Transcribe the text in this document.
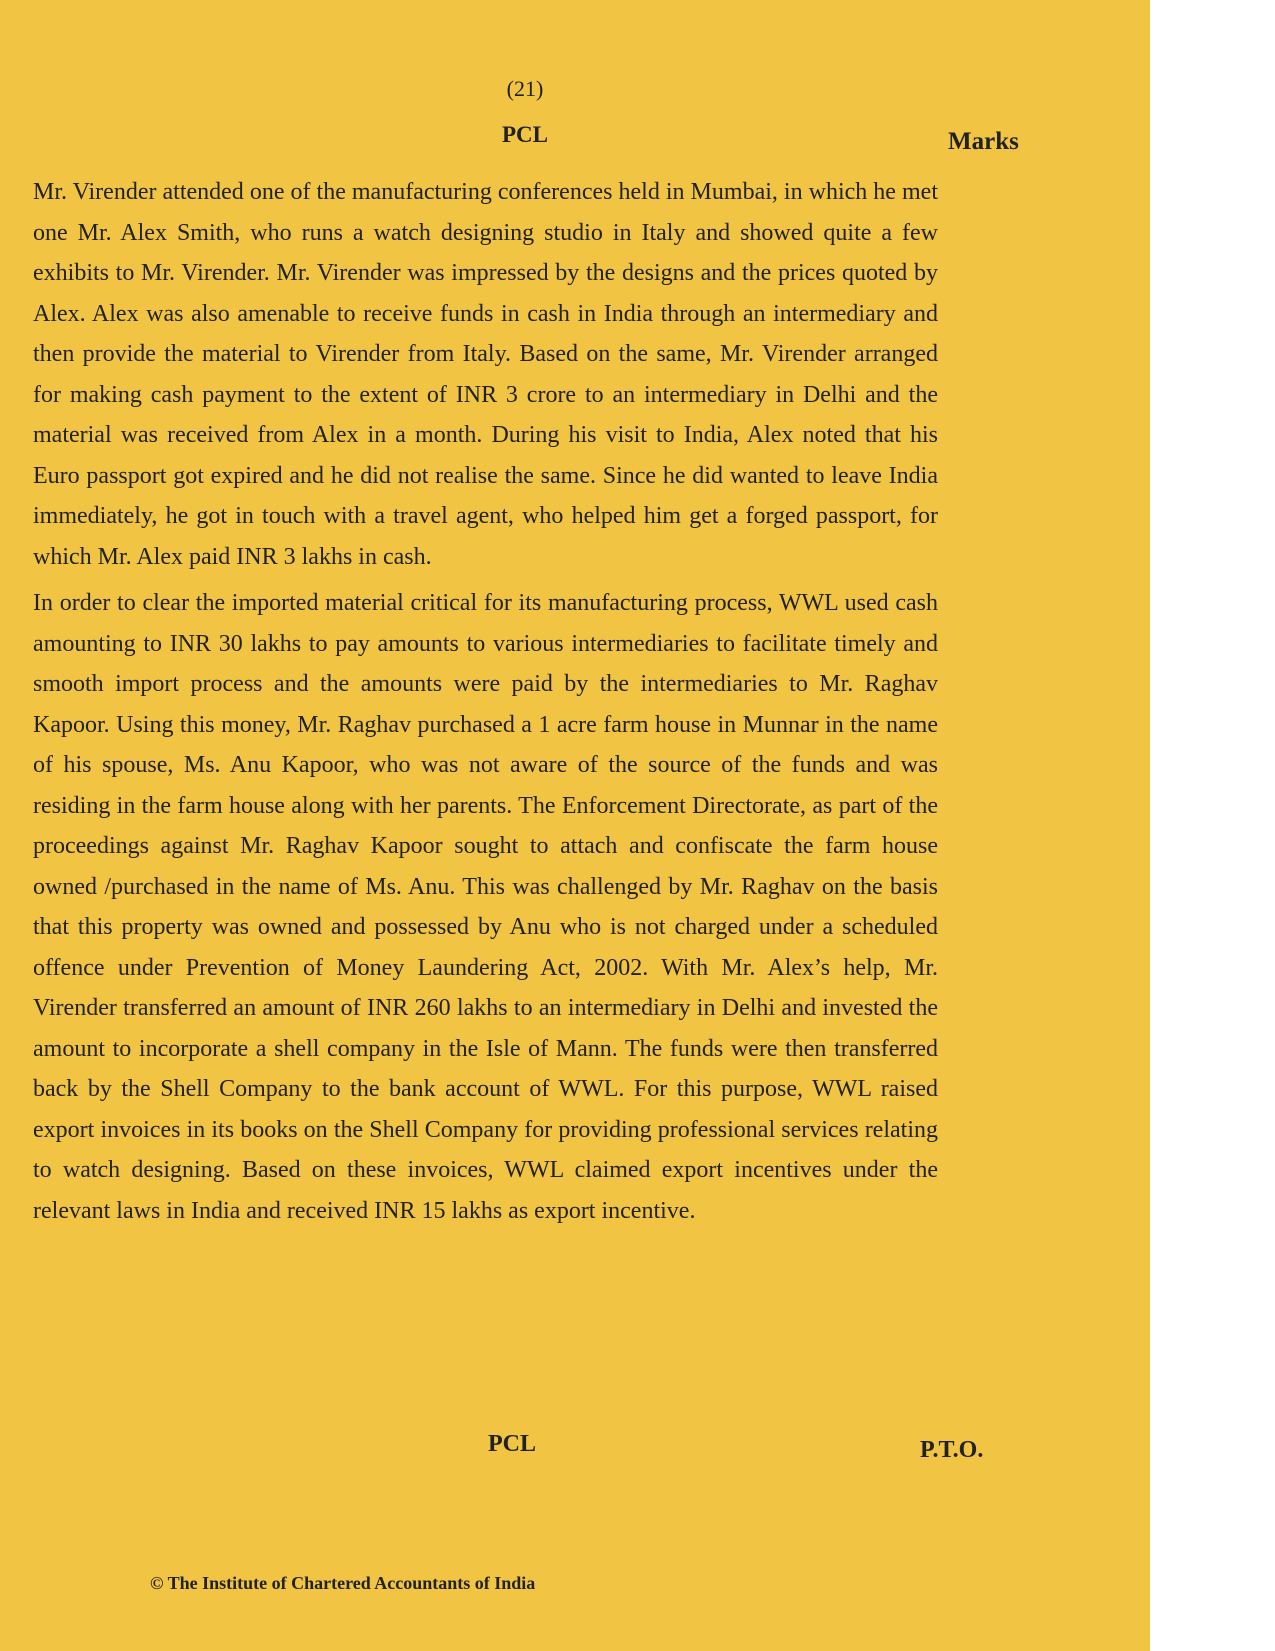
(21)
PCL	Marks

Mr. Virender attended one of the manufacturing conferences held in Mumbai, in which he met one Mr. Alex Smith, who runs a watch designing studio in Italy and showed quite a few exhibits to Mr. Virender. Mr. Virender was impressed by the designs and the prices quoted by Alex. Alex was also amenable to receive funds in cash in India through an intermediary and then provide the material to Virender from Italy. Based on the same, Mr. Virender arranged for making cash payment to the extent of INR 3 crore to an intermediary in Delhi and the material was received from Alex in a month. During his visit to India, Alex noted that his Euro passport got expired and he did not realise the same. Since he did wanted to leave India immediately, he got in touch with a travel agent, who helped him get a forged passport, for which Mr. Alex paid INR 3 lakhs in cash.

In order to clear the imported material critical for its manufacturing process, WWL used cash amounting to INR 30 lakhs to pay amounts to various intermediaries to facilitate timely and smooth import process and the amounts were paid by the intermediaries to Mr. Raghav Kapoor. Using this money, Mr. Raghav purchased a 1 acre farm house in Munnar in the name of his spouse, Ms. Anu Kapoor, who was not aware of the source of the funds and was residing in the farm house along with her parents. The Enforcement Directorate, as part of the proceedings against Mr. Raghav Kapoor sought to attach and confiscate the farm house owned /purchased in the name of Ms. Anu. This was challenged by Mr. Raghav on the basis that this property was owned and possessed by Anu who is not charged under a scheduled offence under Prevention of Money Laundering Act, 2002. With Mr. Alex’s help, Mr. Virender transferred an amount of INR 260 lakhs to an intermediary in Delhi and invested the amount to incorporate a shell company in the Isle of Mann. The funds were then transferred back by the Shell Company to the bank account of WWL. For this purpose, WWL raised export invoices in its books on the Shell Company for providing professional services relating to watch designing. Based on these invoices, WWL claimed export incentives under the relevant laws in India and received INR 15 lakhs as export incentive.

PCL	P.T.O.
© The Institute of Chartered Accountants of India
